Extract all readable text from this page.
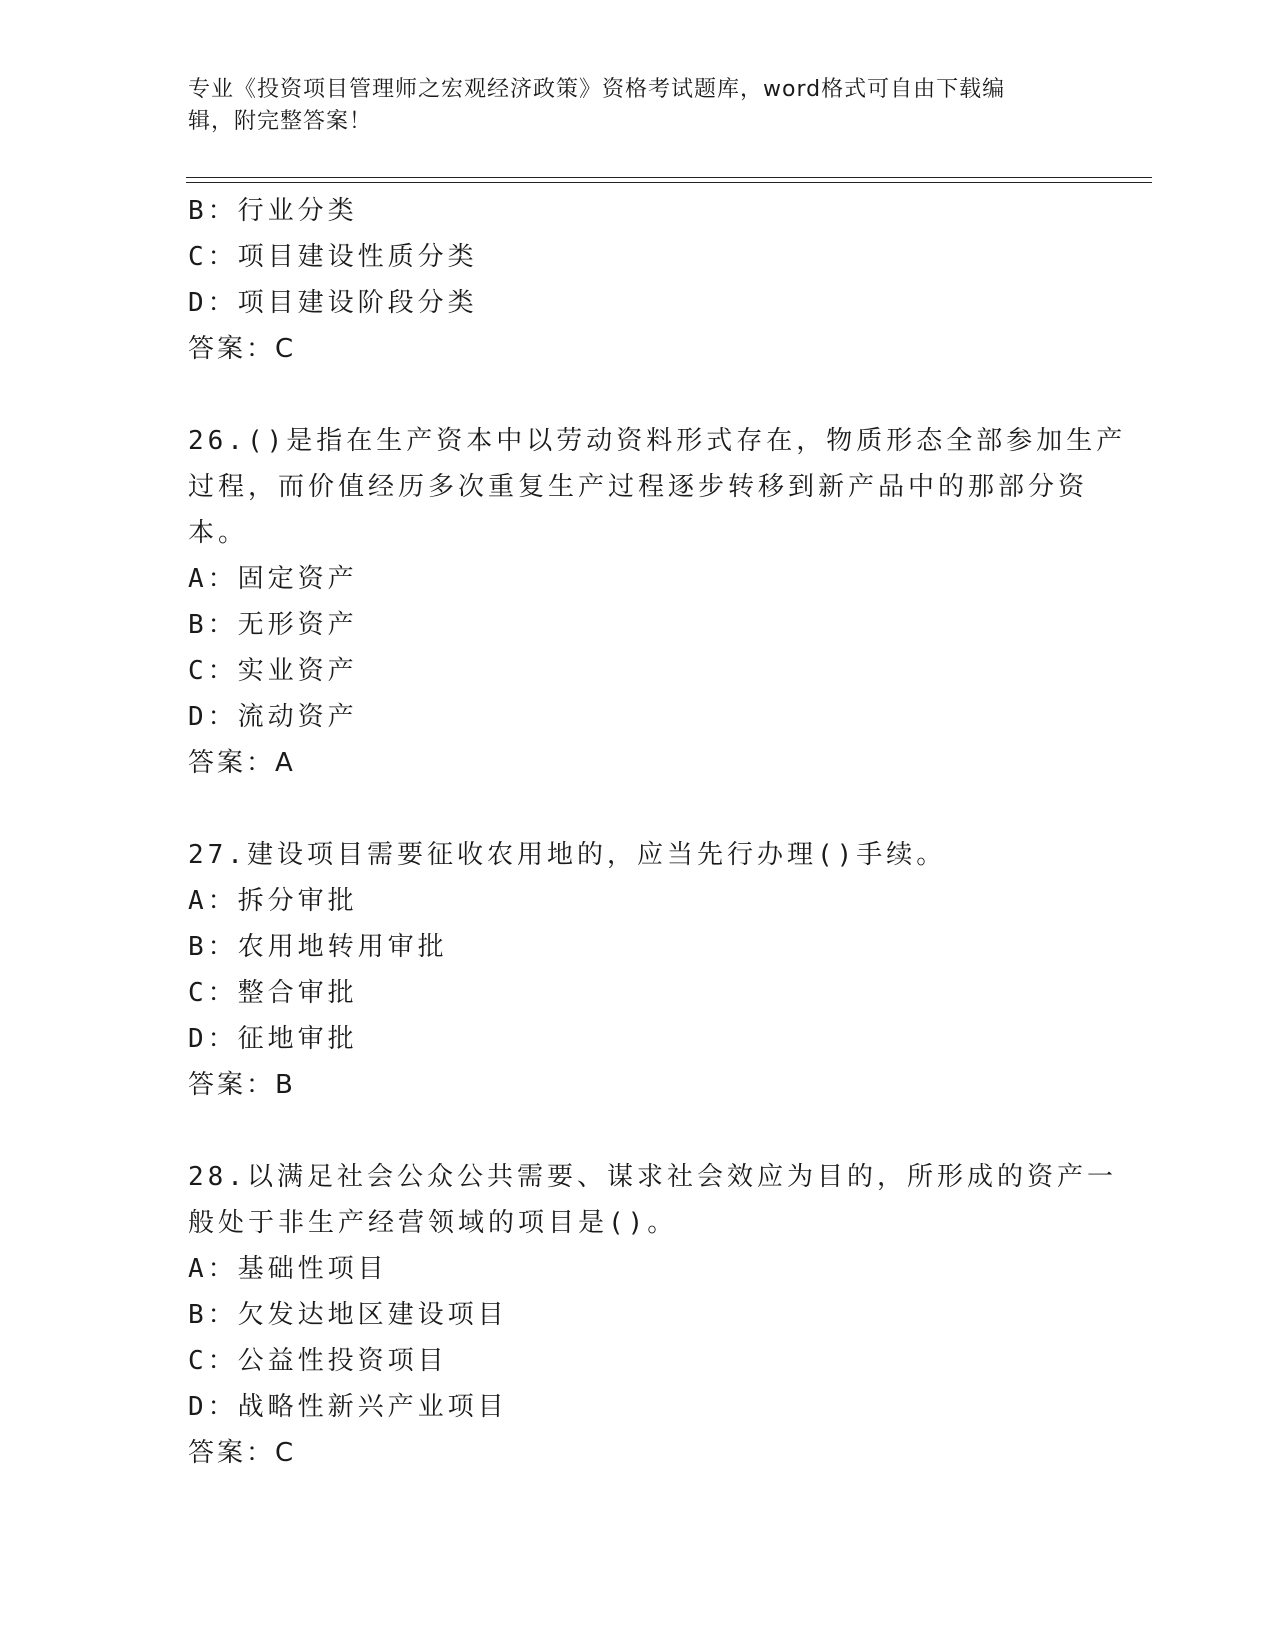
专业《投资项目管理师之宏观经济政策》资格考试题库，word格式可自由下载编
辑，附完整答案！
B：行业分类
C：项目建设性质分类
D：项目建设阶段分类
答案：C
26.()是指在生产资本中以劳动资料形式存在，物质形态全部参加生产
过程，而价值经历多次重复生产过程逐步转移到新产品中的那部分资
本。
A：固定资产
B：无形资产
C：实业资产
D：流动资产
答案：A
27.建设项目需要征收农用地的，应当先行办理()手续。
A：拆分审批
B：农用地转用审批
C：整合审批
D：征地审批
答案：B
28.以满足社会公众公共需要、谋求社会效应为目的，所形成的资产一
般处于非生产经营领域的项目是()。
A：基础性项目
B：欠发达地区建设项目
C：公益性投资项目
D：战略性新兴产业项目
答案：C
